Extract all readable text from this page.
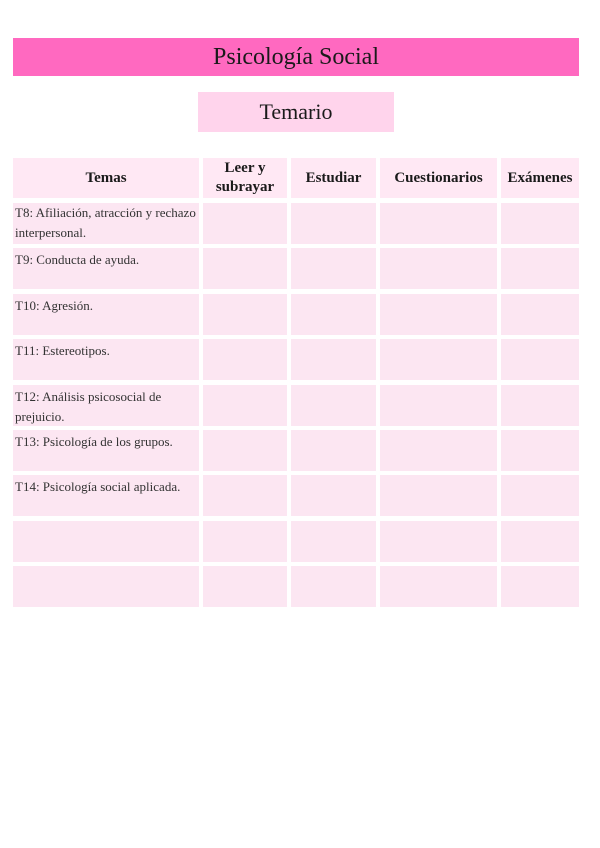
Psicología Social
Temario
Temas
Leer y subrayar
Estudiar	Cuestionarios	Exámenes
T8: Afiliación, atracción y rechazo interpersonal.
T9: Conducta de ayuda.
T10: Agresión.
T11: Estereotipos.
T12: Análisis psicosocial de prejuicio.
T13: Psicología de los grupos.
T14: Psicología social aplicada.
